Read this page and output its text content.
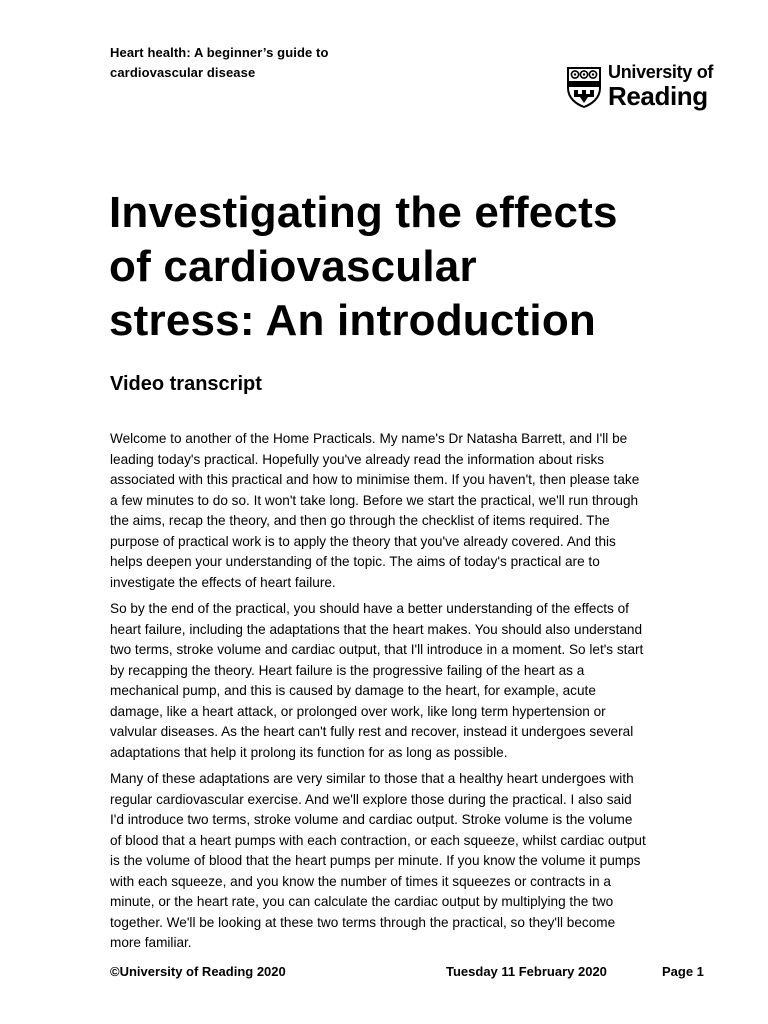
Heart health: A beginner’s guide to
cardiovascular disease	University of
Reading
Investigating the effects
of cardiovascular
stress: An introduction
Video transcript

Welcome to another of the Home Practicals. My name's Dr Natasha Barrett, and I'll be
leading today's practical. Hopefully you've already read the information about risks
associated with this practical and how to minimise them. If you haven't, then please take
a few minutes to do so. It won't take long. Before we start the practical, we'll run through
the aims, recap the theory, and then go through the checklist of items required. The
purpose of practical work is to apply the theory that you've already covered. And this
helps deepen your understanding of the topic. The aims of today's practical are to
investigate the effects of heart failure.

So by the end of the practical, you should have a better understanding of the effects of
heart failure, including the adaptations that the heart makes. You should also understand
two terms, stroke volume and cardiac output, that I'll introduce in a moment. So let's start
by recapping the theory. Heart failure is the progressive failing of the heart as a
mechanical pump, and this is caused by damage to the heart, for example, acute
damage, like a heart attack, or prolonged over work, like long term hypertension or
valvular diseases. As the heart can't fully rest and recover, instead it undergoes several
adaptations that help it prolong its function for as long as possible.

Many of these adaptations are very similar to those that a healthy heart undergoes with
regular cardiovascular exercise. And we'll explore those during the practical. I also said
I'd introduce two terms, stroke volume and cardiac output. Stroke volume is the volume
of blood that a heart pumps with each contraction, or each squeeze, whilst cardiac output
is the volume of blood that the heart pumps per minute. If you know the volume it pumps
with each squeeze, and you know the number of times it squeezes or contracts in a
minute, or the heart rate, you can calculate the cardiac output by multiplying the two
together. We'll be looking at these two terms through the practical, so they'll become
more familiar.

©University of Reading 2020	Tuesday 11 February 2020	Page 1
